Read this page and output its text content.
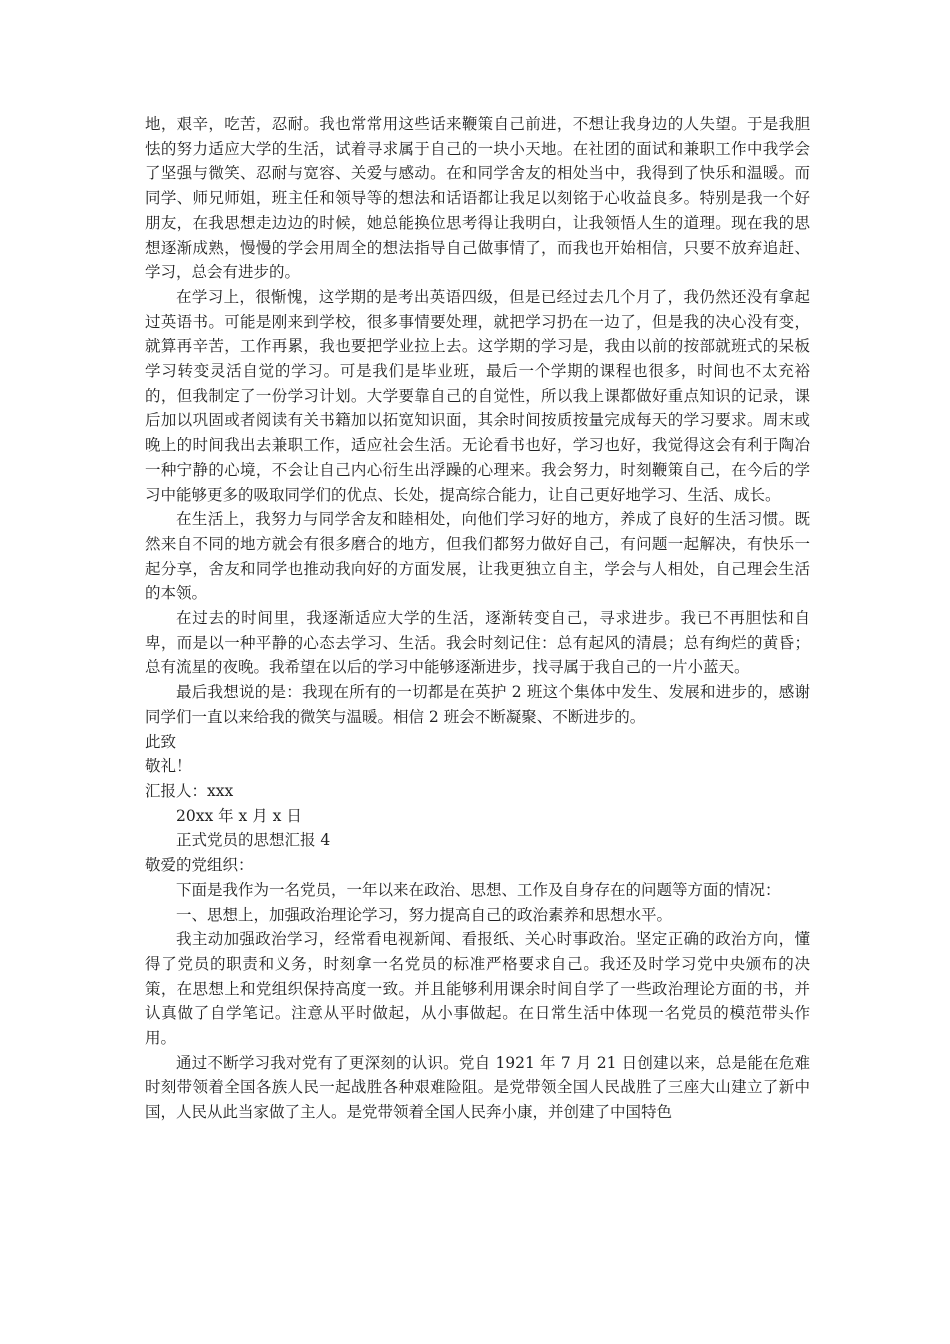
地，艰辛，吃苦，忍耐。我也常常用这些话来鞭策自己前进，不想让我身边的人失望。于是我胆怯的努力适应大学的生活，试着寻求属于自己的一块小天地。在社团的面试和兼职工作中我学会了坚强与微笑、忍耐与宽容、关爱与感动。在和同学舍友的相处当中，我得到了快乐和温暖。而同学、师兄师姐，班主任和领导等的想法和话语都让我足以刻铭于心收益良多。特别是我一个好朋友，在我思想走边边的时候，她总能换位思考得让我明白，让我领悟人生的道理。现在我的思想逐渐成熟，慢慢的学会用周全的想法指导自己做事情了，而我也开始相信，只要不放弃追赶、学习，总会有进步的。

在学习上，很惭愧，这学期的是考出英语四级，但是已经过去几个月了，我仍然还没有拿起过英语书。可能是刚来到学校，很多事情要处理，就把学习扔在一边了，但是我的决心没有变，就算再辛苦，工作再累，我也要把学业拉上去。这学期的学习是，我由以前的按部就班式的呆板学习转变灵活自觉的学习。可是我们是毕业班，最后一个学期的课程也很多，时间也不太充裕的，但我制定了一份学习计划。大学要靠自己的自觉性，所以我上课都做好重点知识的记录，课后加以巩固或者阅读有关书籍加以拓宽知识面，其余时间按质按量完成每天的学习要求。周末或晚上的时间我出去兼职工作，适应社会生活。无论看书也好，学习也好，我觉得这会有利于陶冶一种宁静的心境，不会让自己内心衍生出浮躁的心理来。我会努力，时刻鞭策自己，在今后的学习中能够更多的吸取同学们的优点、长处，提高综合能力，让自己更好地学习、生活、成长。

在生活上，我努力与同学舍友和睦相处，向他们学习好的地方，养成了良好的生活习惯。既然来自不同的地方就会有很多磨合的地方，但我们都努力做好自己，有问题一起解决，有快乐一起分享，舍友和同学也推动我向好的方面发展，让我更独立自主，学会与人相处，自己理会生活的本领。

在过去的时间里，我逐渐适应大学的生活，逐渐转变自己，寻求进步。我已不再胆怯和自卑，而是以一种平静的心态去学习、生活。我会时刻记住：总有起风的清晨；总有绚烂的黄昏；总有流星的夜晚。我希望在以后的学习中能够逐渐进步，找寻属于我自己的一片小蓝天。

最后我想说的是：我现在所有的一切都是在英护 2 班这个集体中发生、发展和进步的，感谢同学们一直以来给我的微笑与温暖。相信 2 班会不断凝聚、不断进步的。

此致

敬礼！

汇报人：xxx

20xx 年 x 月 x 日

正式党员的思想汇报 4

敬爱的党组织：

下面是我作为一名党员，一年以来在政治、思想、工作及自身存在的问题等方面的情况：

一、思想上，加强政治理论学习，努力提高自己的政治素养和思想水平。

我主动加强政治学习，经常看电视新闻、看报纸、关心时事政治。坚定正确的政治方向，懂得了党员的职责和义务，时刻拿一名党员的标准严格要求自己。我还及时学习党中央颁布的决策，在思想上和党组织保持高度一致。并且能够利用课余时间自学了一些政治理论方面的书，并认真做了自学笔记。注意从平时做起，从小事做起。在日常生活中体现一名党员的模范带头作用。

通过不断学习我对党有了更深刻的认识。党自 1921 年 7 月 21 日创建以来，总是能在危难时刻带领着全国各族人民一起战胜各种艰难险阻。是党带领全国人民战胜了三座大山建立了新中国，人民从此当家做了主人。是党带领着全国人民奔小康，并创建了中国特色
